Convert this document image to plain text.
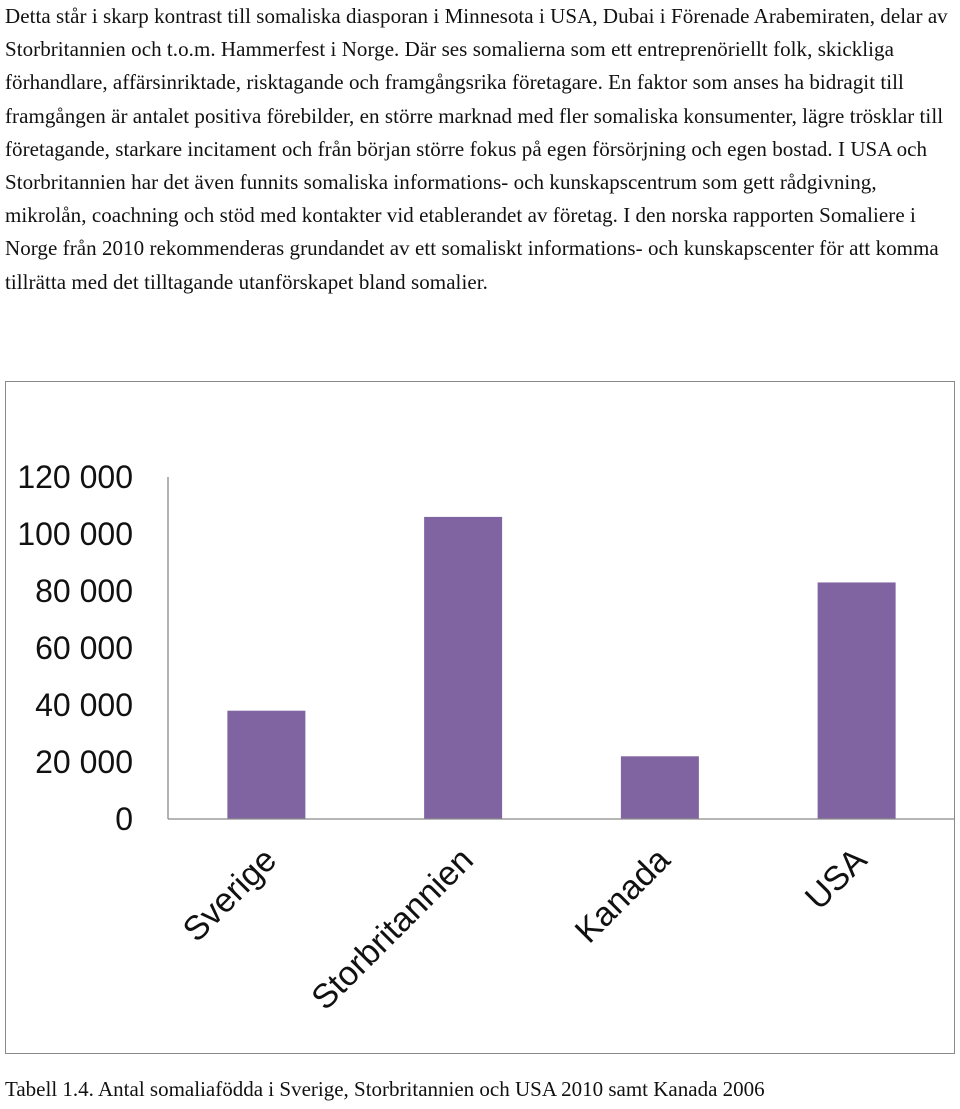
Detta står i skarp kontrast till somaliska diasporan i Minnesota i USA, Dubai i Förenade Arabemiraten, delar av Storbritannien och t.o.m. Hammerfest i Norge. Där ses somalierna som ett entreprenöriellt folk, skickliga förhandlare, affärsinriktade, risktagande och framgångsrika företagare. En faktor som anses ha bidragit till framgången är antalet positiva förebilder, en större marknad med fler somaliska konsumenter, lägre trösklar till företagande, starkare incitament och från början större fokus på egen försörjning och egen bostad. I USA och Storbritannien har det även funnits somaliska informations- och kunskapscentrum som gett rådgivning, mikrolån, coachning och stöd med kontakter vid etablerandet av företag. I den norska rapporten Somaliere i Norge från 2010 rekommenderas grundandet av ett somaliskt informations- och kunskapscenter för att komma tillrätta med det tilltagande utanförskapet bland somalier.

0
20 000
40 000
60 000
80 000
100 000
120 000
Sverige Storbritannien	Kanada	USA

Tabell 1.4. Antal somaliafödda i Sverige, Storbritannien och USA 2010 samt Kanada 2006
